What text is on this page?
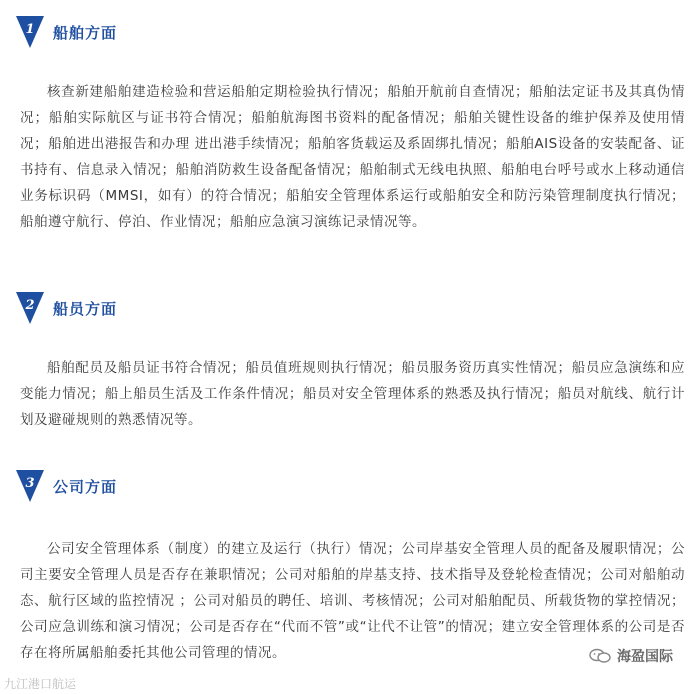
1 船舶方面

核查新建船舶建造检验和营运船舶定期检验执行情况；船舶开航前自查情况；船舶法定证书及其真伪情况；船舶实际航区与证书符合情况；船舶航海图书资料的配备情况；船舶关键性设备的维护保养及使用情况；船舶进出港报告和办理 进出港手续情况；船舶客货载运及系固绑扎情况；船舶AIS设备的安装配备、证书持有、信息录入情况；船舶消防救生设备配备情况；船舶制式无线电执照、船舶电台呼号或水上移动通信业务标识码（MMSI，如有）的符合情况；船舶安全管理体系运行或船舶安全和防污染管理制度执行情况；船舶遵守航行、停泊、作业情况；船舶应急演习演练记录情况等。

2 船员方面

船舶配员及船员证书符合情况；船员值班规则执行情况；船员服务资历真实性情况；船员应急演练和应变能力情况；船上船员生活及工作条件情况；船员对安全管理体系的熟悉及执行情况；船员对航线、航行计划及避碰规则的熟悉情况等。

3 公司方面

公司安全管理体系（制度）的建立及运行（执行）情况；公司岸基安全管理人员的配备及履职情况；公司主要安全管理人员是否存在兼职情况；公司对船舶的岸基支持、技术指导及登轮检查情况；公司对船舶动态、航行区域的监控情况 ；公司对船员的聘任、培训、考核情况；公司对船舶配员、所载货物的掌控情况；公司应急训练和演习情况；公司是否存在“代而不管”或“让代不让管”的情况；建立安全管理体系的公司是否存在将所属船舶委托其他公司管理的情况。	海盈国际
九江港口航运
